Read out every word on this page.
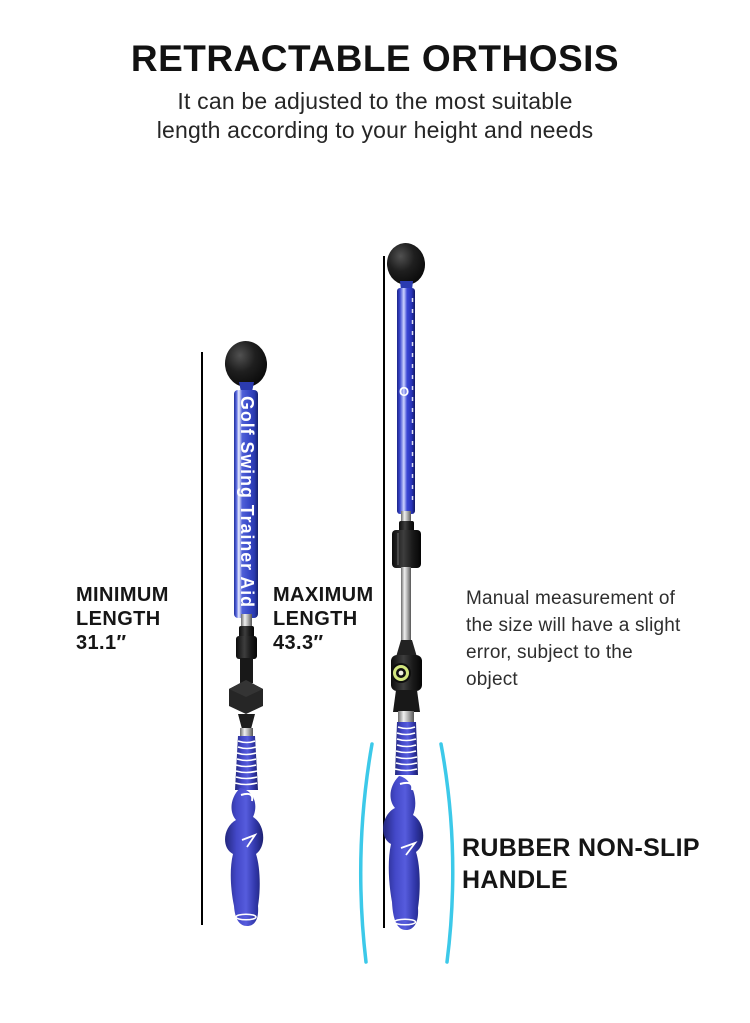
RETRACTABLE ORTHOSIS
It can be adjusted to the most suitable
length according to your height and needs
Golf Swing Trainer Aid
O
MINIMUM
LENGTH
31.1″
MAXIMUM
LENGTH
43.3″
Manual measurement of
the size will have a slight
error, subject to the
object
RUBBER NON-SLIP
HANDLE
